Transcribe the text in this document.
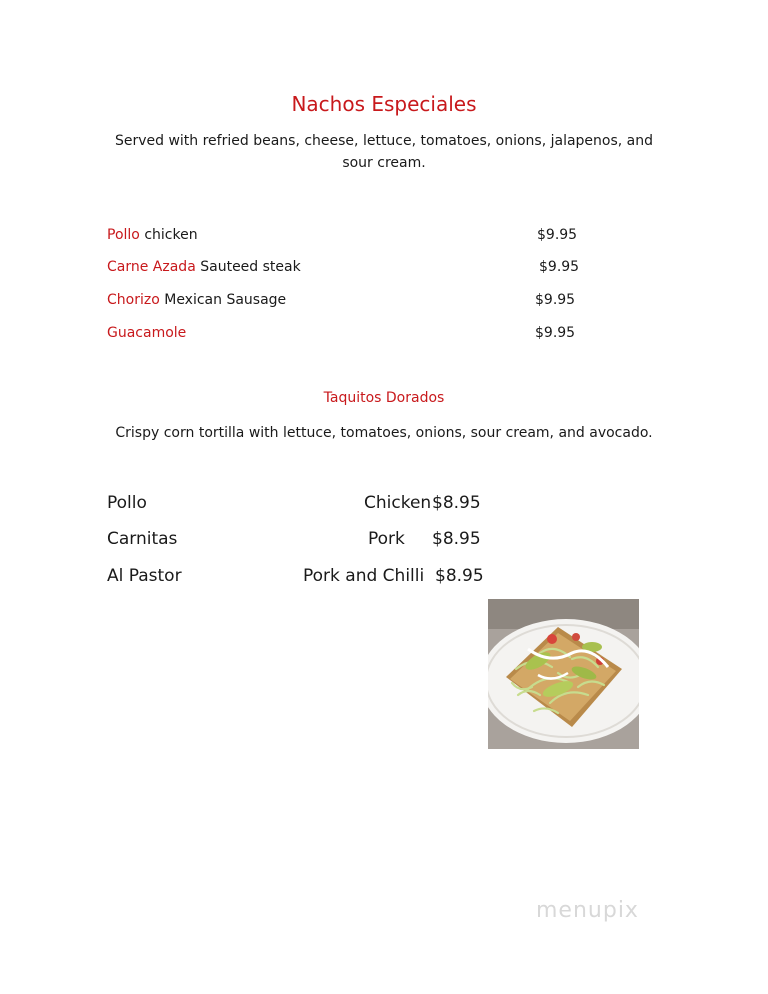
Nachos Especiales
Served with refried beans, cheese, lettuce, tomatoes, onions, jalapenos, and
sour cream.
Pollo chicken	$9.95
Carne Azada Sauteed steak	$9.95
Chorizo Mexican Sausage	$9.95
Guacamole	$9.95
Taquitos Dorados
Crispy corn tortilla with lettuce, tomatoes, onions, sour cream, and avocado.
Pollo	Chicken $8.95
Carnitas	Pork $8.95
Al Pastor	Pork and Chilli $8.95
menupix
